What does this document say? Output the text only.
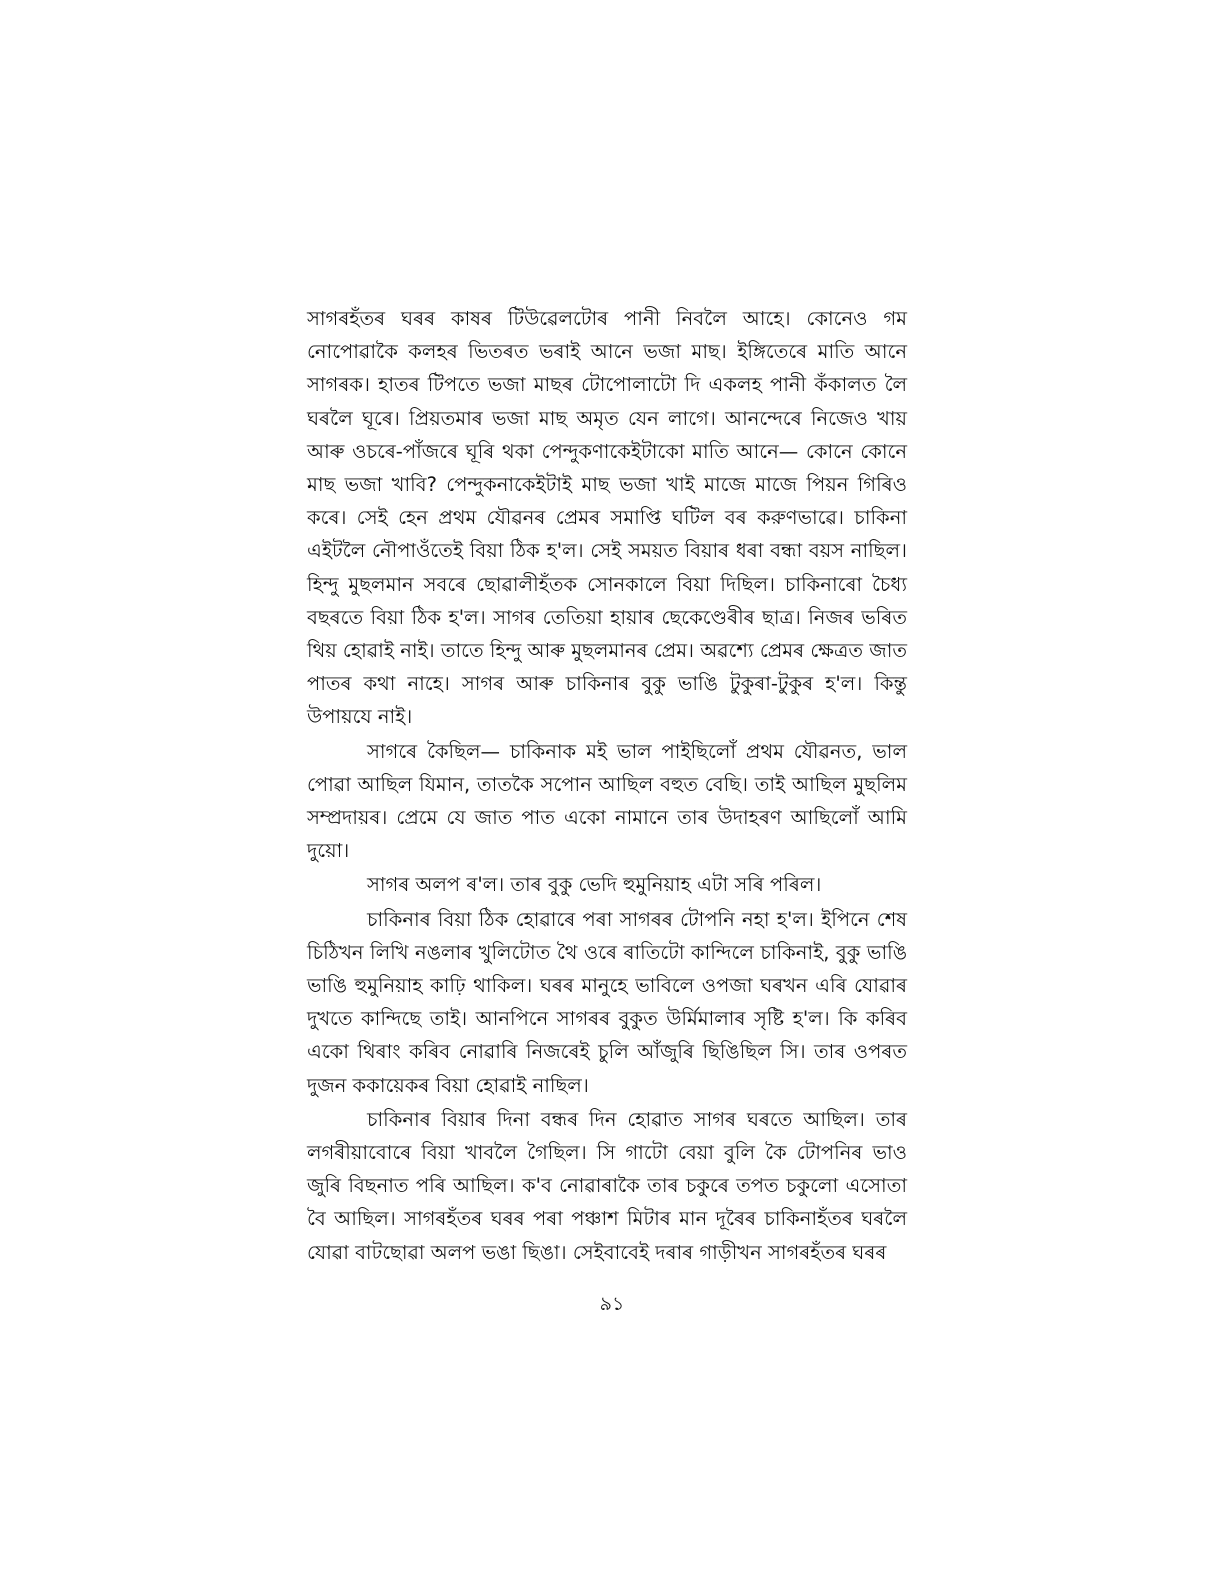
সাগৰহঁতৰ ঘৰৰ কাষৰ টিউৱেলটোৰ পানী নিবলৈ আহে। কোনেও গম নোপোৱাকৈ কলহৰ ভিতৰত ভৰাই আনে ভজা মাছ। ইঙ্গিতেৰে মাতি আনে সাগৰক। হাতৰ টিপতে ভজা মাছৰ টোপোলাটো দি একলহ পানী কঁকালত লৈ ঘৰলৈ ঘূৰে। প্ৰিয়তমাৰ ভজা মাছ অমৃত যেন লাগে। আনন্দেৰে নিজেও খায় আৰু ওচৰে-পাঁজৰে ঘূৰি থকা পেন্দুকণাকেইটাকো মাতি আনে— কোনে কোনে মাছ ভজা খাবি? পেন্দুকনাকেইটাই মাছ ভজা খাই মাজে মাজে পিয়ন গিৰিও কৰে। সেই হেন প্ৰথম যৌৱনৰ প্ৰেমৰ সমাপ্তি ঘটিল বৰ করুণভাৱে। চাকিনা এইটলৈ নৌপাওঁতেই বিয়া ঠিক হ'ল। সেই সময়ত বিয়াৰ ধৰা বন্ধা বয়স নাছিল। হিন্দু মুছলমান সবৰে ছোৱালীহঁতক সোনকালে বিয়া দিছিল। চাকিনাৰো চৈধ্য বছৰতে বিয়া ঠিক হ'ল। সাগৰ তেতিয়া হায়াৰ ছেকেণ্ডেৰীৰ ছাত্ৰ। নিজৰ ভৰিত থিয় হোৱাই নাই। তাতে হিন্দু আৰু মুছলমানৰ প্ৰেম। অৱশ্যে প্ৰেমৰ ক্ষেত্ৰত জাত পাতৰ কথা নাহে। সাগৰ আৰু চাকিনাৰ বুকু ভাঙি টুকুৰা-টুকুৰ হ'ল। কিন্তু উপায়যে নাই।

সাগৰে কৈছিল— চাকিনাক মই ভাল পাইছিলোঁ প্ৰথম যৌৱনত, ভাল পোৱা আছিল যিমান, তাতকৈ সপোন আছিল বহুত বেছি। তাই আছিল মুছলিম সম্প্ৰদায়ৰ। প্ৰেমে যে জাত পাত একো নামানে তাৰ উদাহৰণ আছিলোঁ আমি দুয়ো।

সাগৰ অলপ ৰ'ল। তাৰ বুকু ভেদি হুমুনিয়াহ এটা সৰি পৰিল।

চাকিনাৰ বিয়া ঠিক হোৱাৰে পৰা সাগৰৰ টোপনি নহা হ'ল। ইপিনে শেষ চিঠিখন লিখি নঙলাৰ খুলিটোত থৈ ওৰে ৰাতিটো কান্দিলে চাকিনাই, বুকু ভাঙি ভাঙি হুমুনিয়াহ কাঢ়ি থাকিল। ঘৰৰ মানুহে ভাবিলে ওপজা ঘৰখন এৰি যোৱাৰ দুখতে কান্দিছে তাই। আনপিনে সাগৰৰ বুকুত উৰ্মিমালাৰ সৃষ্টি হ'ল। কি কৰিব একো থিৰাং কৰিব নোৱাৰি নিজৰেই চুলি আঁজুৰি ছিঙিছিল সি। তাৰ ওপৰত দুজন ককায়েকৰ বিয়া হোৱাই নাছিল।

চাকিনাৰ বিয়াৰ দিনা বন্ধৰ দিন হোৱাত সাগৰ ঘৰতে আছিল। তাৰ লগৰীয়াবোৰে বিয়া খাবলৈ গৈছিল। সি গাটো বেয়া বুলি কৈ টোপনিৰ ভাও জুৰি বিছনাত পৰি আছিল। ক'ব নোৱাৰাকৈ তাৰ চকুৰে তপত চকুলো এসোতা বৈ আছিল। সাগৰহঁতৰ ঘৰৰ পৰা পঞ্চাশ মিটাৰ মান দূৰৈৰ চাকিনাহঁতৰ ঘৰলৈ যোৱা বাটছোৱা অলপ ভঙা ছিঙা। সেইবাবেই দৰাৰ গাড়ীখন সাগৰহঁতৰ ঘৰৰ

৯১
